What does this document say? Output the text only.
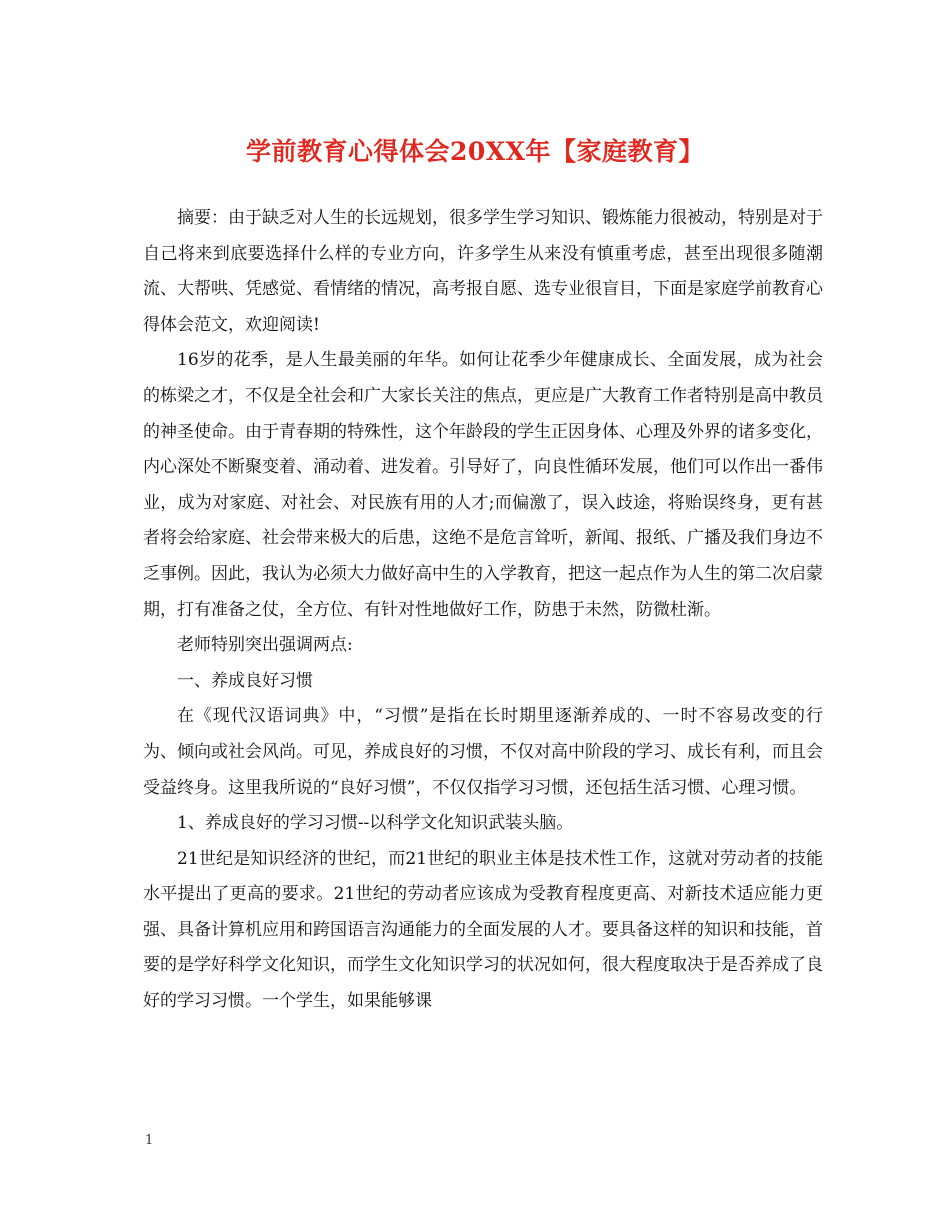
学前教育心得体会20XX年【家庭教育】

摘要：由于缺乏对人生的长远规划，很多学生学习知识、锻炼能力很被动，特别是对于自己将来到底要选择什么样的专业方向，许多学生从来没有慎重考虑，甚至出现很多随潮流、大帮哄、凭感觉、看情绪的情况，高考报自愿、选专业很盲目，下面是家庭学前教育心得体会范文，欢迎阅读!

16岁的花季，是人生最美丽的年华。如何让花季少年健康成长、全面发展，成为社会的栋梁之才，不仅是全社会和广大家长关注的焦点，更应是广大教育工作者特别是高中教员的神圣使命。由于青春期的特殊性，这个年龄段的学生正因身体、心理及外界的诸多变化，内心深处不断聚变着、涌动着、进发着。引导好了，向良性循环发展，他们可以作出一番伟业，成为对家庭、对社会、对民族有用的人才;而偏激了，误入歧途，将贻误终身，更有甚者将会给家庭、社会带来极大的后患，这绝不是危言耸听，新闻、报纸、广播及我们身边不乏事例。因此，我认为必须大力做好高中生的入学教育，把这一起点作为人生的第二次启蒙期，打有准备之仗，全方位、有针对性地做好工作，防患于未然，防微杜渐。

老师特别突出强调两点:

一、养成良好习惯

在《现代汉语词典》中，“习惯”是指在长时期里逐渐养成的、一时不容易改变的行为、倾向或社会风尚。可见，养成良好的习惯，不仅对高中阶段的学习、成长有利，而且会受益终身。这里我所说的“良好习惯”，不仅仅指学习习惯，还包括生活习惯、心理习惯。

1、养成良好的学习习惯--以科学文化知识武装头脑。

21世纪是知识经济的世纪，而21世纪的职业主体是技术性工作，这就对劳动者的技能水平提出了更高的要求。21世纪的劳动者应该成为受教育程度更高、对新技术适应能力更强、具备计算机应用和跨国语言沟通能力的全面发展的人才。要具备这样的知识和技能，首要的是学好科学文化知识，而学生文化知识学习的状况如何，很大程度取决于是否养成了良好的学习习惯。一个学生，如果能够课

1
